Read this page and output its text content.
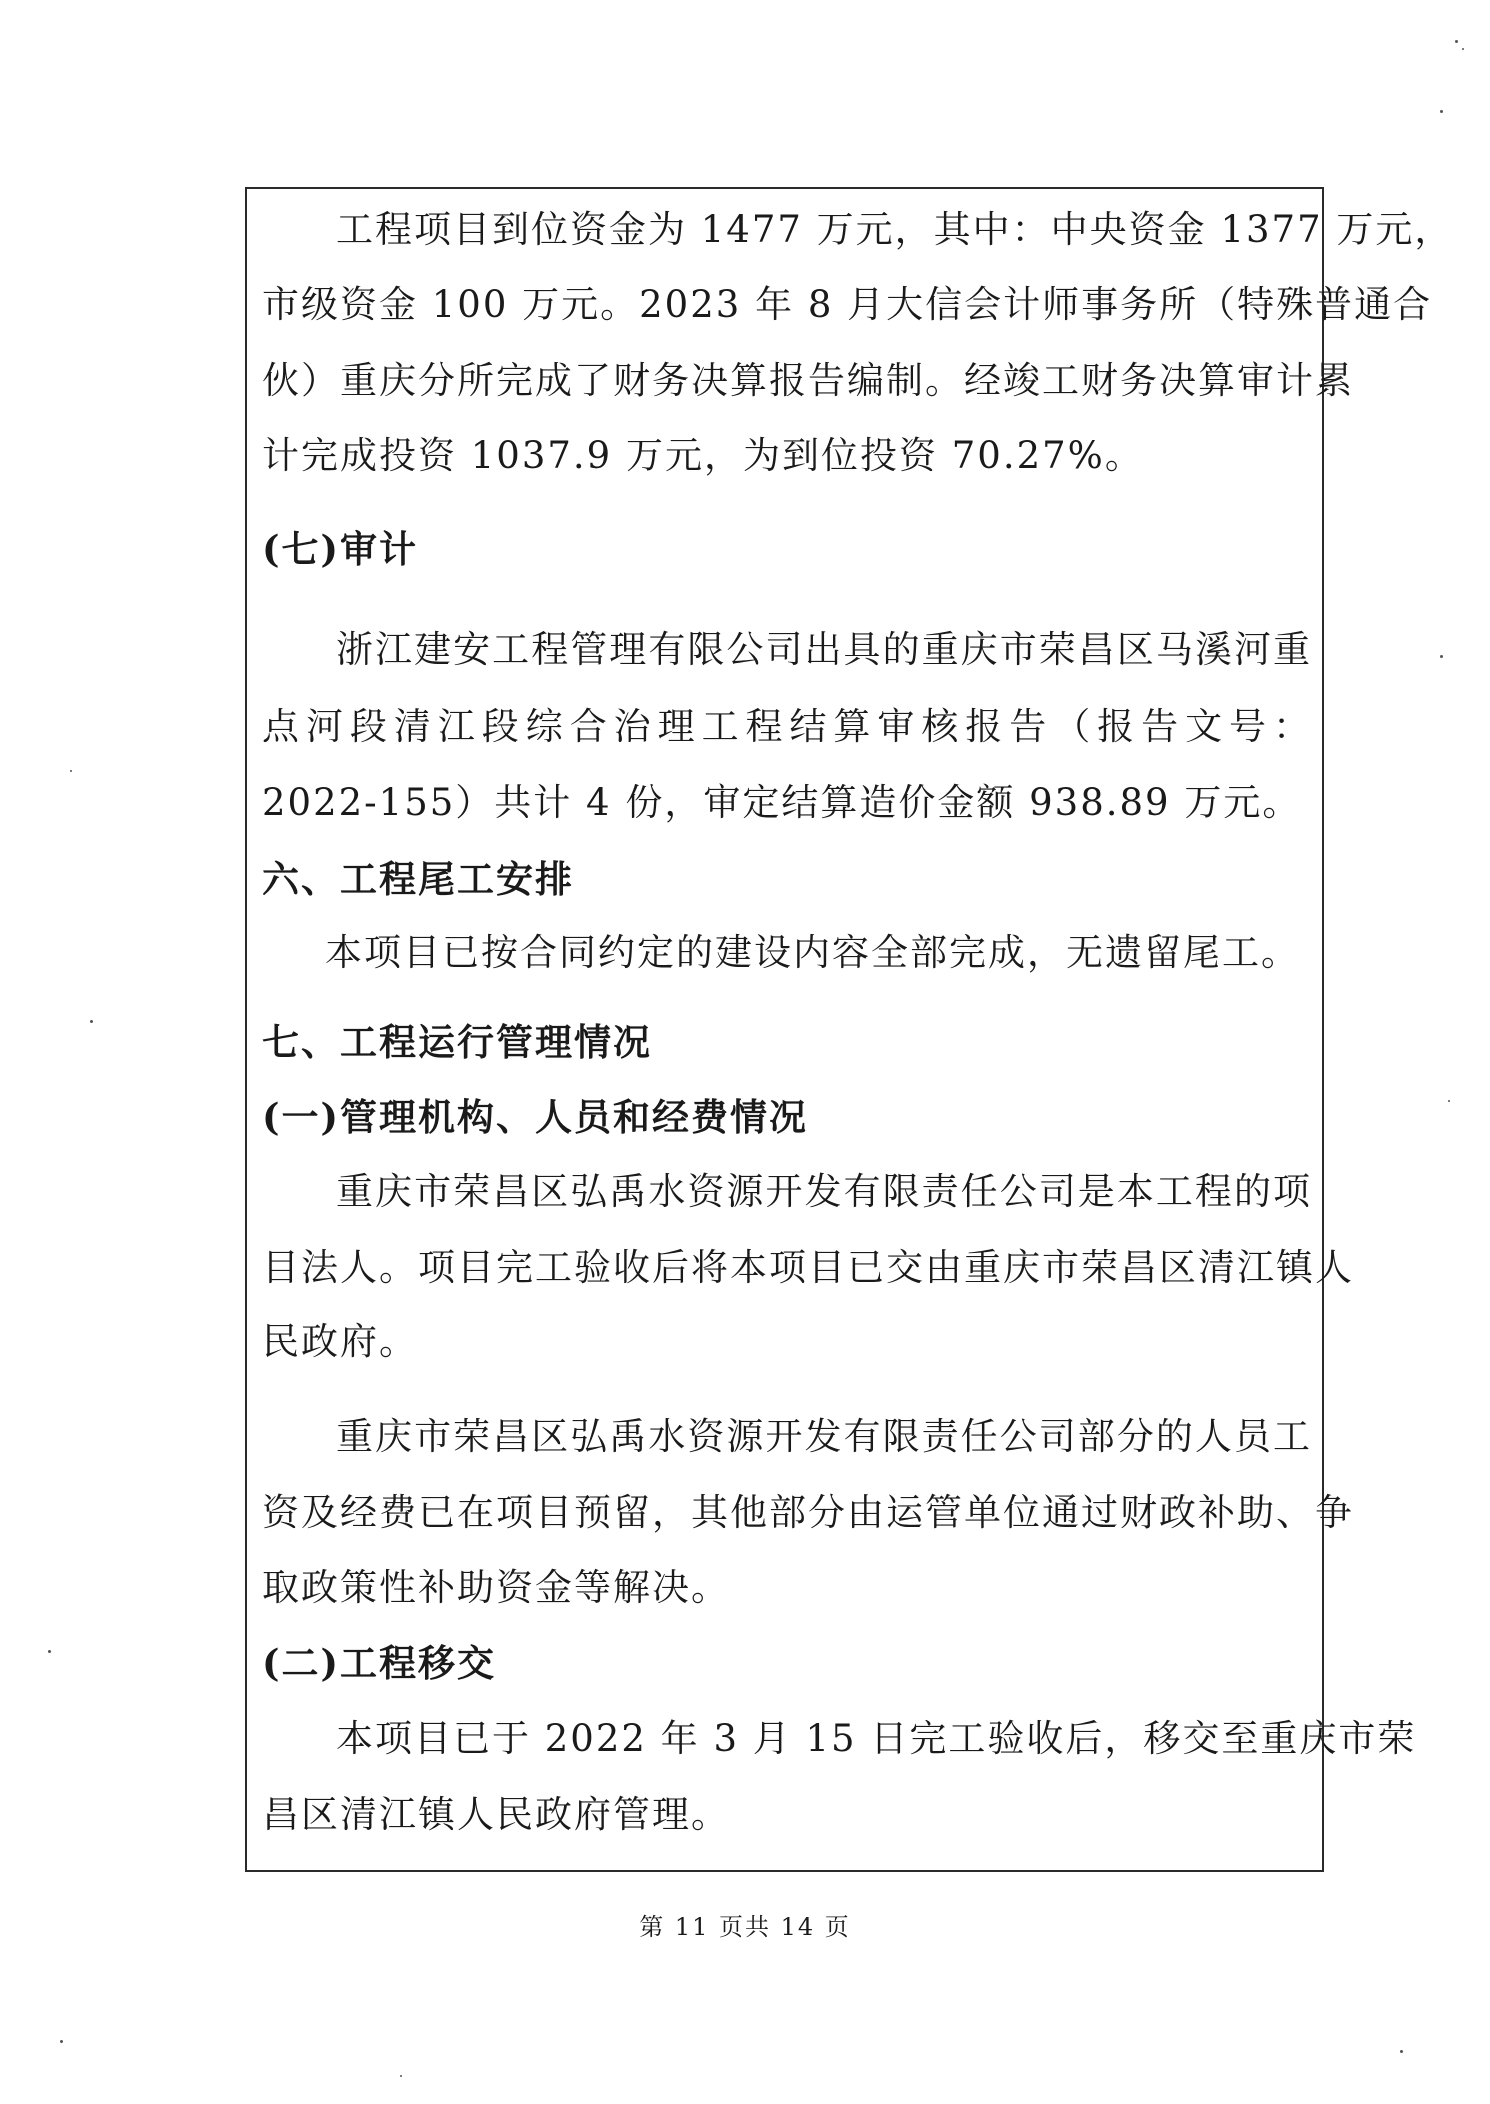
工程项目到位资金为 1477 万元，其中：中央资金 1377 万元，
市级资金 100 万元。2023 年 8 月大信会计师事务所（特殊普通合
伙）重庆分所完成了财务决算报告编制。经竣工财务决算审计累
计完成投资 1037.9 万元，为到位投资 70.27%。
(七)审计
浙江建安工程管理有限公司出具的重庆市荣昌区马溪河重
点河段清江段综合治理工程结算审核报告（报告文号：
2022-155）共计 4 份，审定结算造价金额 938.89 万元。
六、工程尾工安排
本项目已按合同约定的建设内容全部完成，无遗留尾工。
七、工程运行管理情况
(一)管理机构、人员和经费情况
重庆市荣昌区弘禹水资源开发有限责任公司是本工程的项
目法人。项目完工验收后将本项目已交由重庆市荣昌区清江镇人
民政府。
重庆市荣昌区弘禹水资源开发有限责任公司部分的人员工
资及经费已在项目预留，其他部分由运管单位通过财政补助、争
取政策性补助资金等解决。
(二)工程移交
本项目已于 2022 年 3 月 15 日完工验收后，移交至重庆市荣
昌区清江镇人民政府管理。
第 11 页共 14 页
